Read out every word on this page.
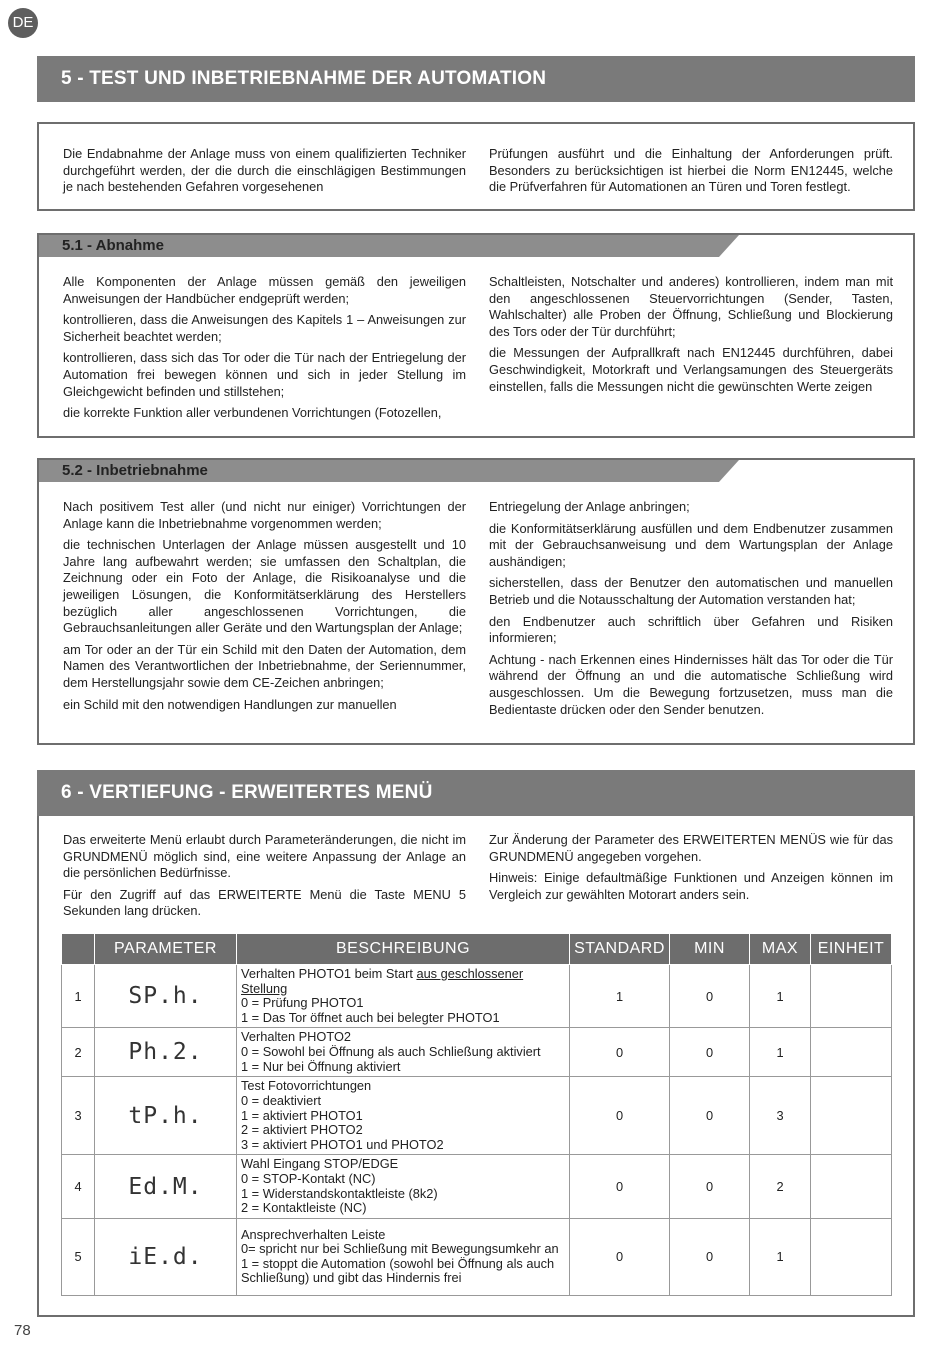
DE
5 - TEST UND INBETRIEBNAHME DER AUTOMATION

Die Endabnahme der Anlage muss von einem qualifizierten Techniker durchgeführt werden, der die durch die einschlägigen Bestimmungen je nach bestehenden Gefahren vorgesehenen

Prüfungen ausführt und die Einhaltung der Anforderungen prüft. Besonders zu berücksichtigen ist hierbei die Norm EN12445, welche die Prüfverfahren für Automationen an Türen und Toren festlegt.

5.1 - Abnahme

Alle Komponenten der Anlage müssen gemäß den jeweiligen Anweisungen der Handbücher endgeprüft werden;

kontrollieren, dass die Anweisungen des Kapitels 1 – Anweisungen zur Sicherheit beachtet werden;

kontrollieren, dass sich das Tor oder die Tür nach der Entriegelung der Automation frei bewegen können und sich in jeder Stellung im Gleichgewicht befinden und stillstehen;

die korrekte Funktion aller verbundenen Vorrichtungen (Fotozellen,

Schaltleisten, Notschalter und anderes) kontrollieren, indem man mit den angeschlossenen Steuervorrichtungen (Sender, Tasten, Wahlschalter) alle Proben der Öffnung, Schließung und Blockierung des Tors oder der Tür durchführt;

die Messungen der Aufprallkraft nach EN12445 durchführen, dabei Geschwindigkeit, Motorkraft und Verlangsamungen des Steuergeräts einstellen, falls die Messungen nicht die gewünschten Werte zeigen

5.2 - Inbetriebnahme

Nach positivem Test aller (und nicht nur einiger) Vorrichtungen der Anlage kann die Inbetriebnahme vorgenommen werden;

die technischen Unterlagen der Anlage müssen ausgestellt und 10 Jahre lang aufbewahrt werden; sie umfassen den Schaltplan, die Zeichnung oder ein Foto der Anlage, die Risikoanalyse und die jeweiligen Lösungen, die Konformitätserklärung des Herstellers bezüglich aller angeschlossenen Vorrichtungen, die Gebrauchsanleitungen aller Geräte und den Wartungsplan der Anlage;

am Tor oder an der Tür ein Schild mit den Daten der Automation, dem Namen des Verantwortlichen der Inbetriebnahme, der Seriennummer, dem Herstellungsjahr sowie dem CE-Zeichen anbringen;

ein Schild mit den notwendigen Handlungen zur manuellen

Entriegelung der Anlage anbringen;

die Konformitätserklärung ausfüllen und dem Endbenutzer zusammen mit der Gebrauchsanweisung und dem Wartungsplan der Anlage aushändigen;

sicherstellen, dass der Benutzer den automatischen und manuellen Betrieb und die Notausschaltung der Automation verstanden hat;

den Endbenutzer auch schriftlich über Gefahren und Risiken informieren;

Achtung - nach Erkennen eines Hindernisses hält das Tor oder die Tür während der Öffnung an und die automatische Schließung wird ausgeschlossen. Um die Bewegung fortzusetzen, muss man die Bedientaste drücken oder den Sender benutzen.

6 - VERTIEFUNG - ERWEITERTES MENÜ

Das erweiterte Menü erlaubt durch Parameteränderungen, die nicht im GRUNDMENÜ möglich sind, eine weitere Anpassung der Anlage an die persönlichen Bedürfnisse.

Für den Zugriff auf das ERWEITERTE Menü die Taste MENU 5 Sekunden lang drücken.

Zur Änderung der Parameter des ERWEITERTEN MENÜS wie für das GRUNDMENÜ angegeben vorgehen.

Hinweis: Einige defaultmäßige Funktionen und Anzeigen können im Vergleich zur gewählten Motorart anders sein.

	PARAMETER	BESCHREIBUNG	STANDARD	MIN	MAX	EINHEIT
1	SP.h.	Verhalten PHOTO1 beim Start aus geschlossener Stellung
0 = Prüfung PHOTO1
1 = Das Tor öffnet auch bei belegter PHOTO1	1	0	1	
2	Ph.2.	Verhalten PHOTO2
0 = Sowohl bei Öffnung als auch Schließung aktiviert
1 = Nur bei Öffnung aktiviert	0	0	1	
3	tP.h.	Test Fotovorrichtungen
0 = deaktiviert
1 = aktiviert PHOTO1
2 = aktiviert PHOTO2
3 = aktiviert PHOTO1 und PHOTO2	0	0	3	
4	Ed.M.	Wahl Eingang STOP/EDGE
0 = STOP-Kontakt (NC)
1 = Widerstandskontaktleiste (8k2)
2 = Kontaktleiste (NC)	0	0	2	
5	iE.d.	Ansprechverhalten Leiste
0= spricht nur bei Schließung mit Bewegungsumkehr an
1 = stoppt die Automation (sowohl bei Öffnung als auch Schließung) und gibt das Hindernis frei	0	0	1	
78
